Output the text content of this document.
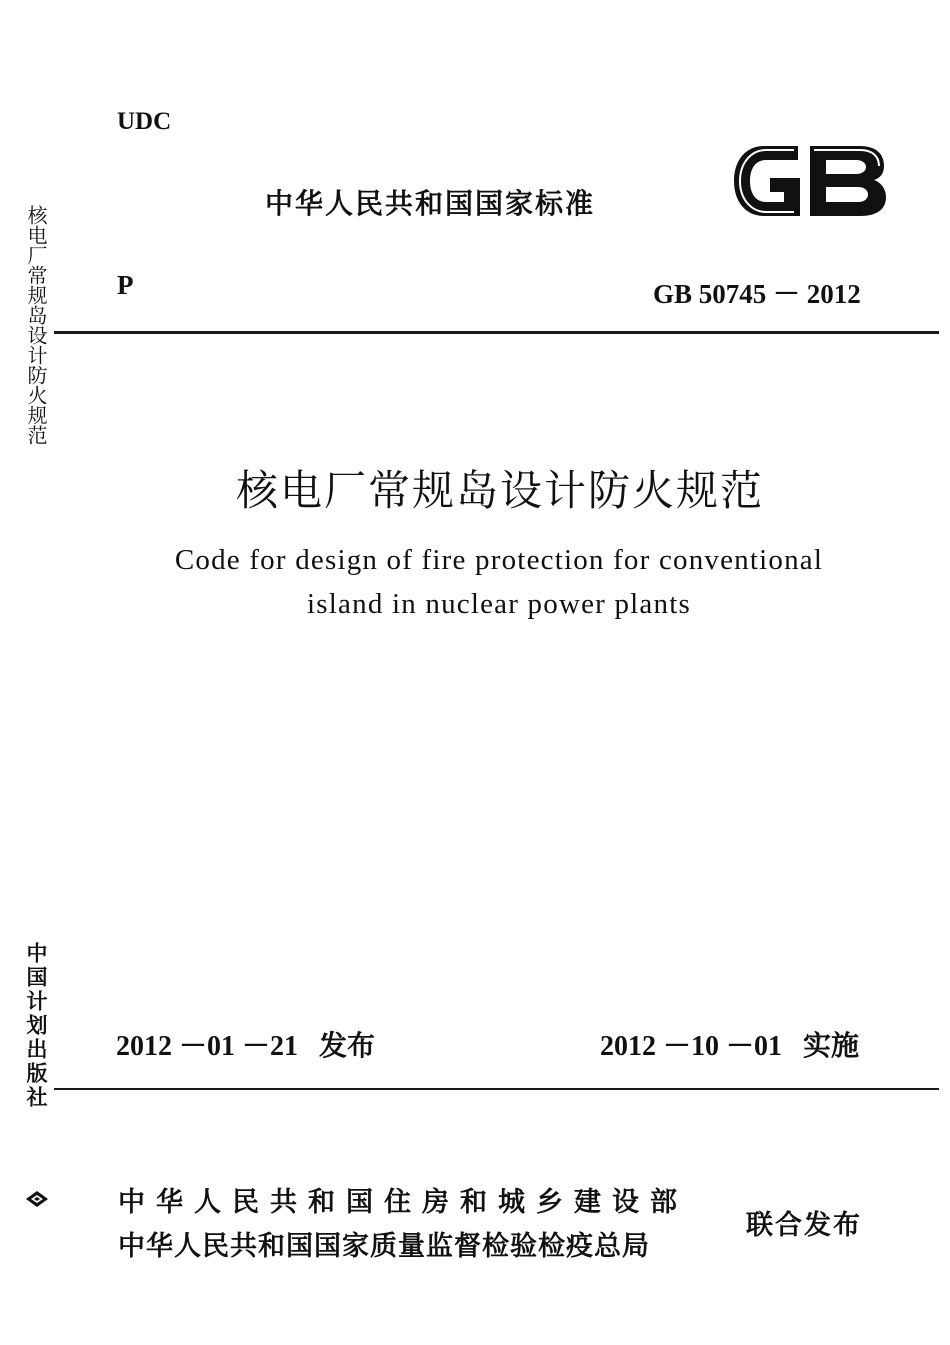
UDC
中华人民共和国国家标准
P	GB 50745 － 2012
核电厂常规岛设计防火规范
中国计划出版社
核电厂常规岛设计防火规范
Code for design of fire protection for conventional
island in nuclear power plants
2012 －01 －21   发布	2012 －10 －01   实施
中华人民共和国住房和城乡建设部
中华人民共和国国家质量监督检验检疫总局
联合发布
